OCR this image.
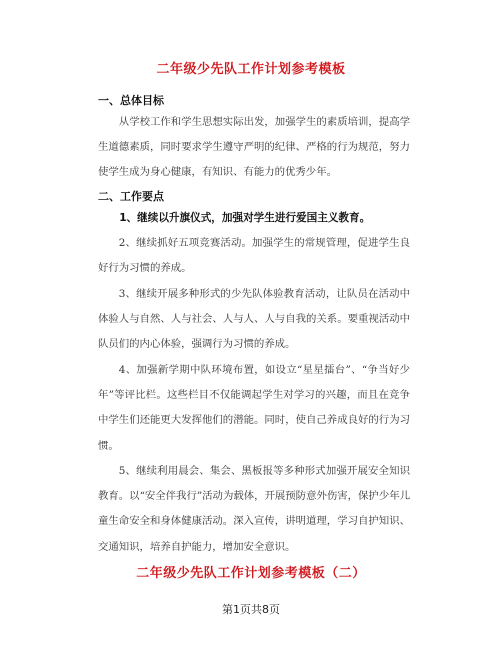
二年级少先队工作计划参考模板
一、总体目标
从学校工作和学生思想实际出发，加强学生的素质培训，提高学生道德素质，同时要求学生遵守严明的纪律、严格的行为规范，努力使学生成为身心健康，有知识、有能力的优秀少年。
二、工作要点
1、继续以升旗仪式，加强对学生进行爱国主义教育。
2、继续抓好五项竞赛活动。加强学生的常规管理，促进学生良好行为习惯的养成。
3、继续开展多种形式的少先队体验教育活动，让队员在活动中体验人与自然、人与社会、人与人、人与自我的关系。要重视活动中队员们的内心体验，强调行为习惯的养成。
4、加强新学期中队环境布置，如设立“星星擂台”、“争当好少年”等评比栏。这些栏目不仅能调起学生对学习的兴趣，而且在竞争中学生们还能更大发挥他们的潜能。同时，使自己养成良好的行为习惯。
5、继续利用晨会、集会、黑板报等多种形式加强开展安全知识教育。以“安全伴我行”活动为载体，开展预防意外伤害，保护少年儿童生命安全和身体健康活动。深入宣传，讲明道理，学习自护知识、交通知识，培养自护能力，增加安全意识。
二年级少先队工作计划参考模板（二）
第1页共8页
